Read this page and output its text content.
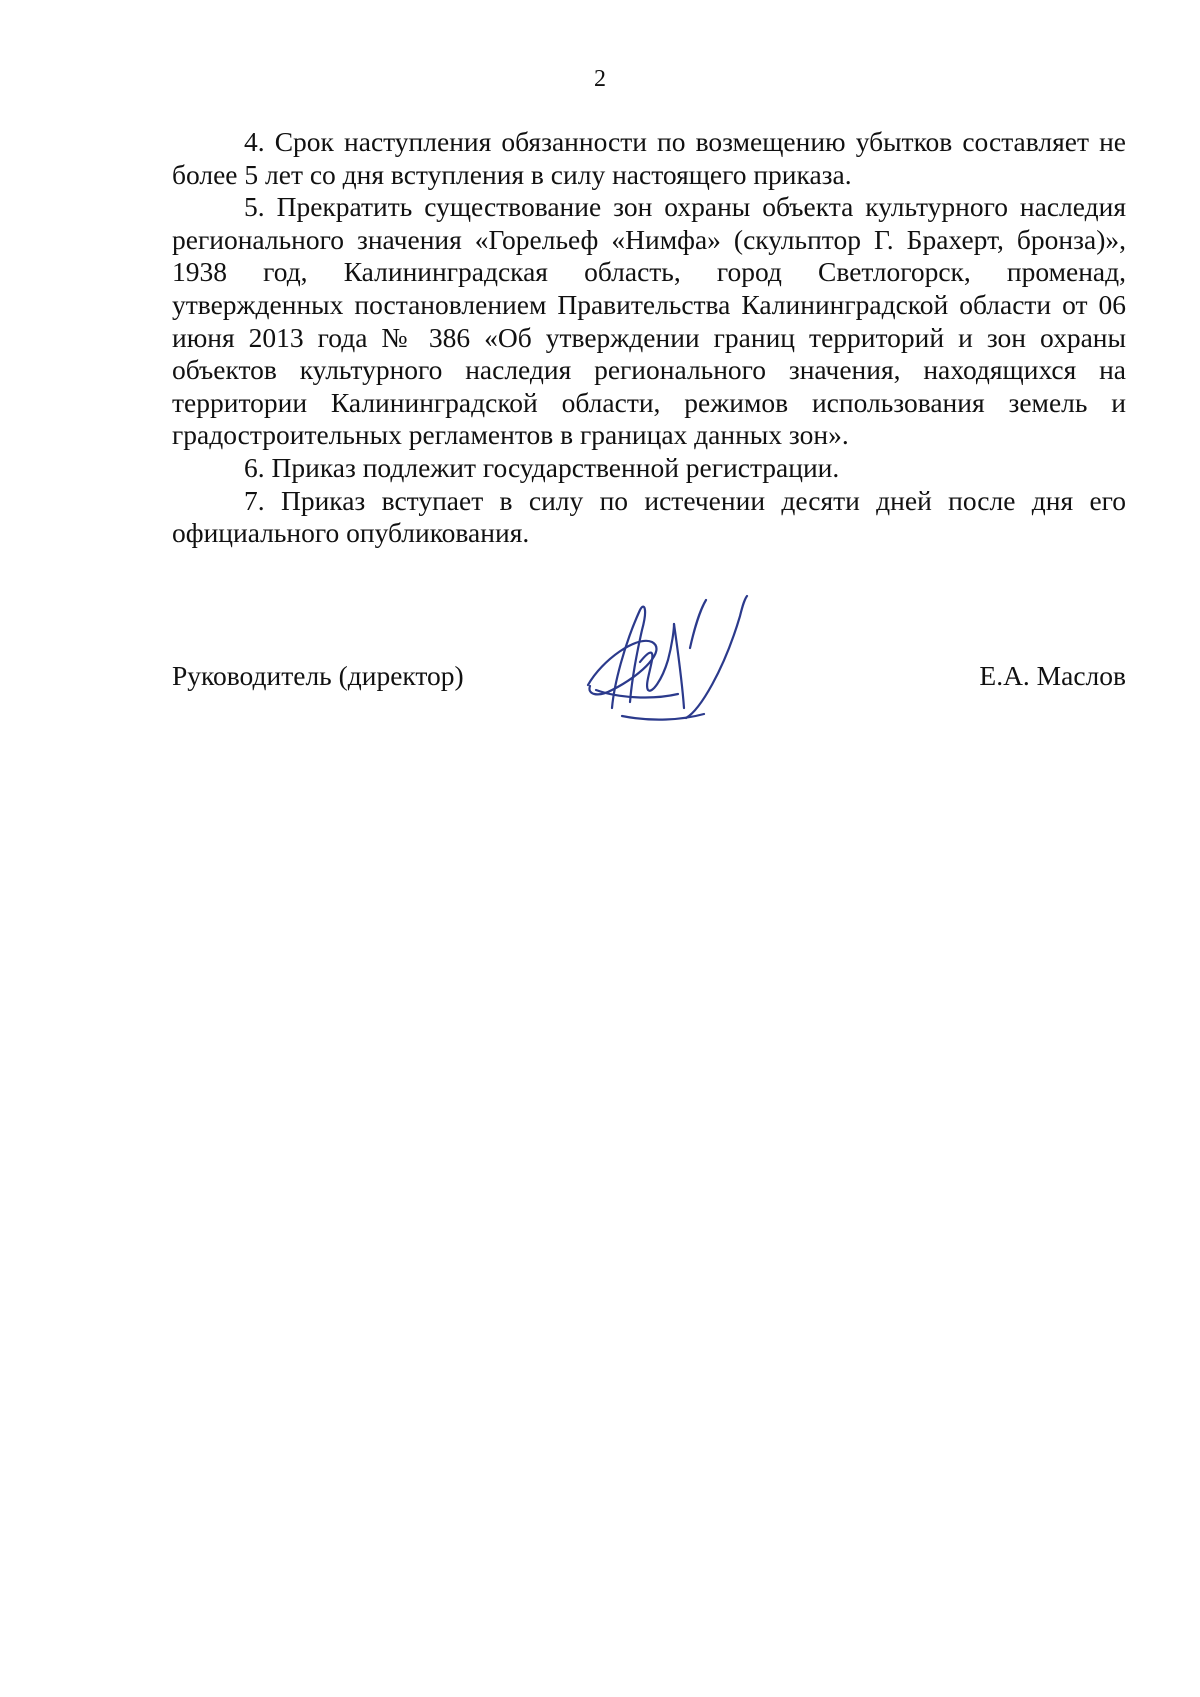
2

4. Срок наступления обязанности по возмещению убытков составляет не более 5 лет со дня вступления в силу настоящего приказа.

5. Прекратить существование зон охраны объекта культурного наследия регионального значения «Горельеф «Нимфа» (скульптор Г. Брахерт, бронза)», 1938 год, Калининградская область, город Светлогорск, променад, утвержденных постановлением Правительства Калининградской области от 06 июня 2013 года № 386 «Об утверждении границ территорий и зон охраны объектов культурного наследия регионального значения, находящихся на территории Калининградской области, режимов использования земель и градостроительных регламентов в границах данных зон».

6. Приказ подлежит государственной регистрации.

7. Приказ вступает в силу по истечении десяти дней после дня его официального опубликования.

Руководитель (директор)	Е.А. Маслов
